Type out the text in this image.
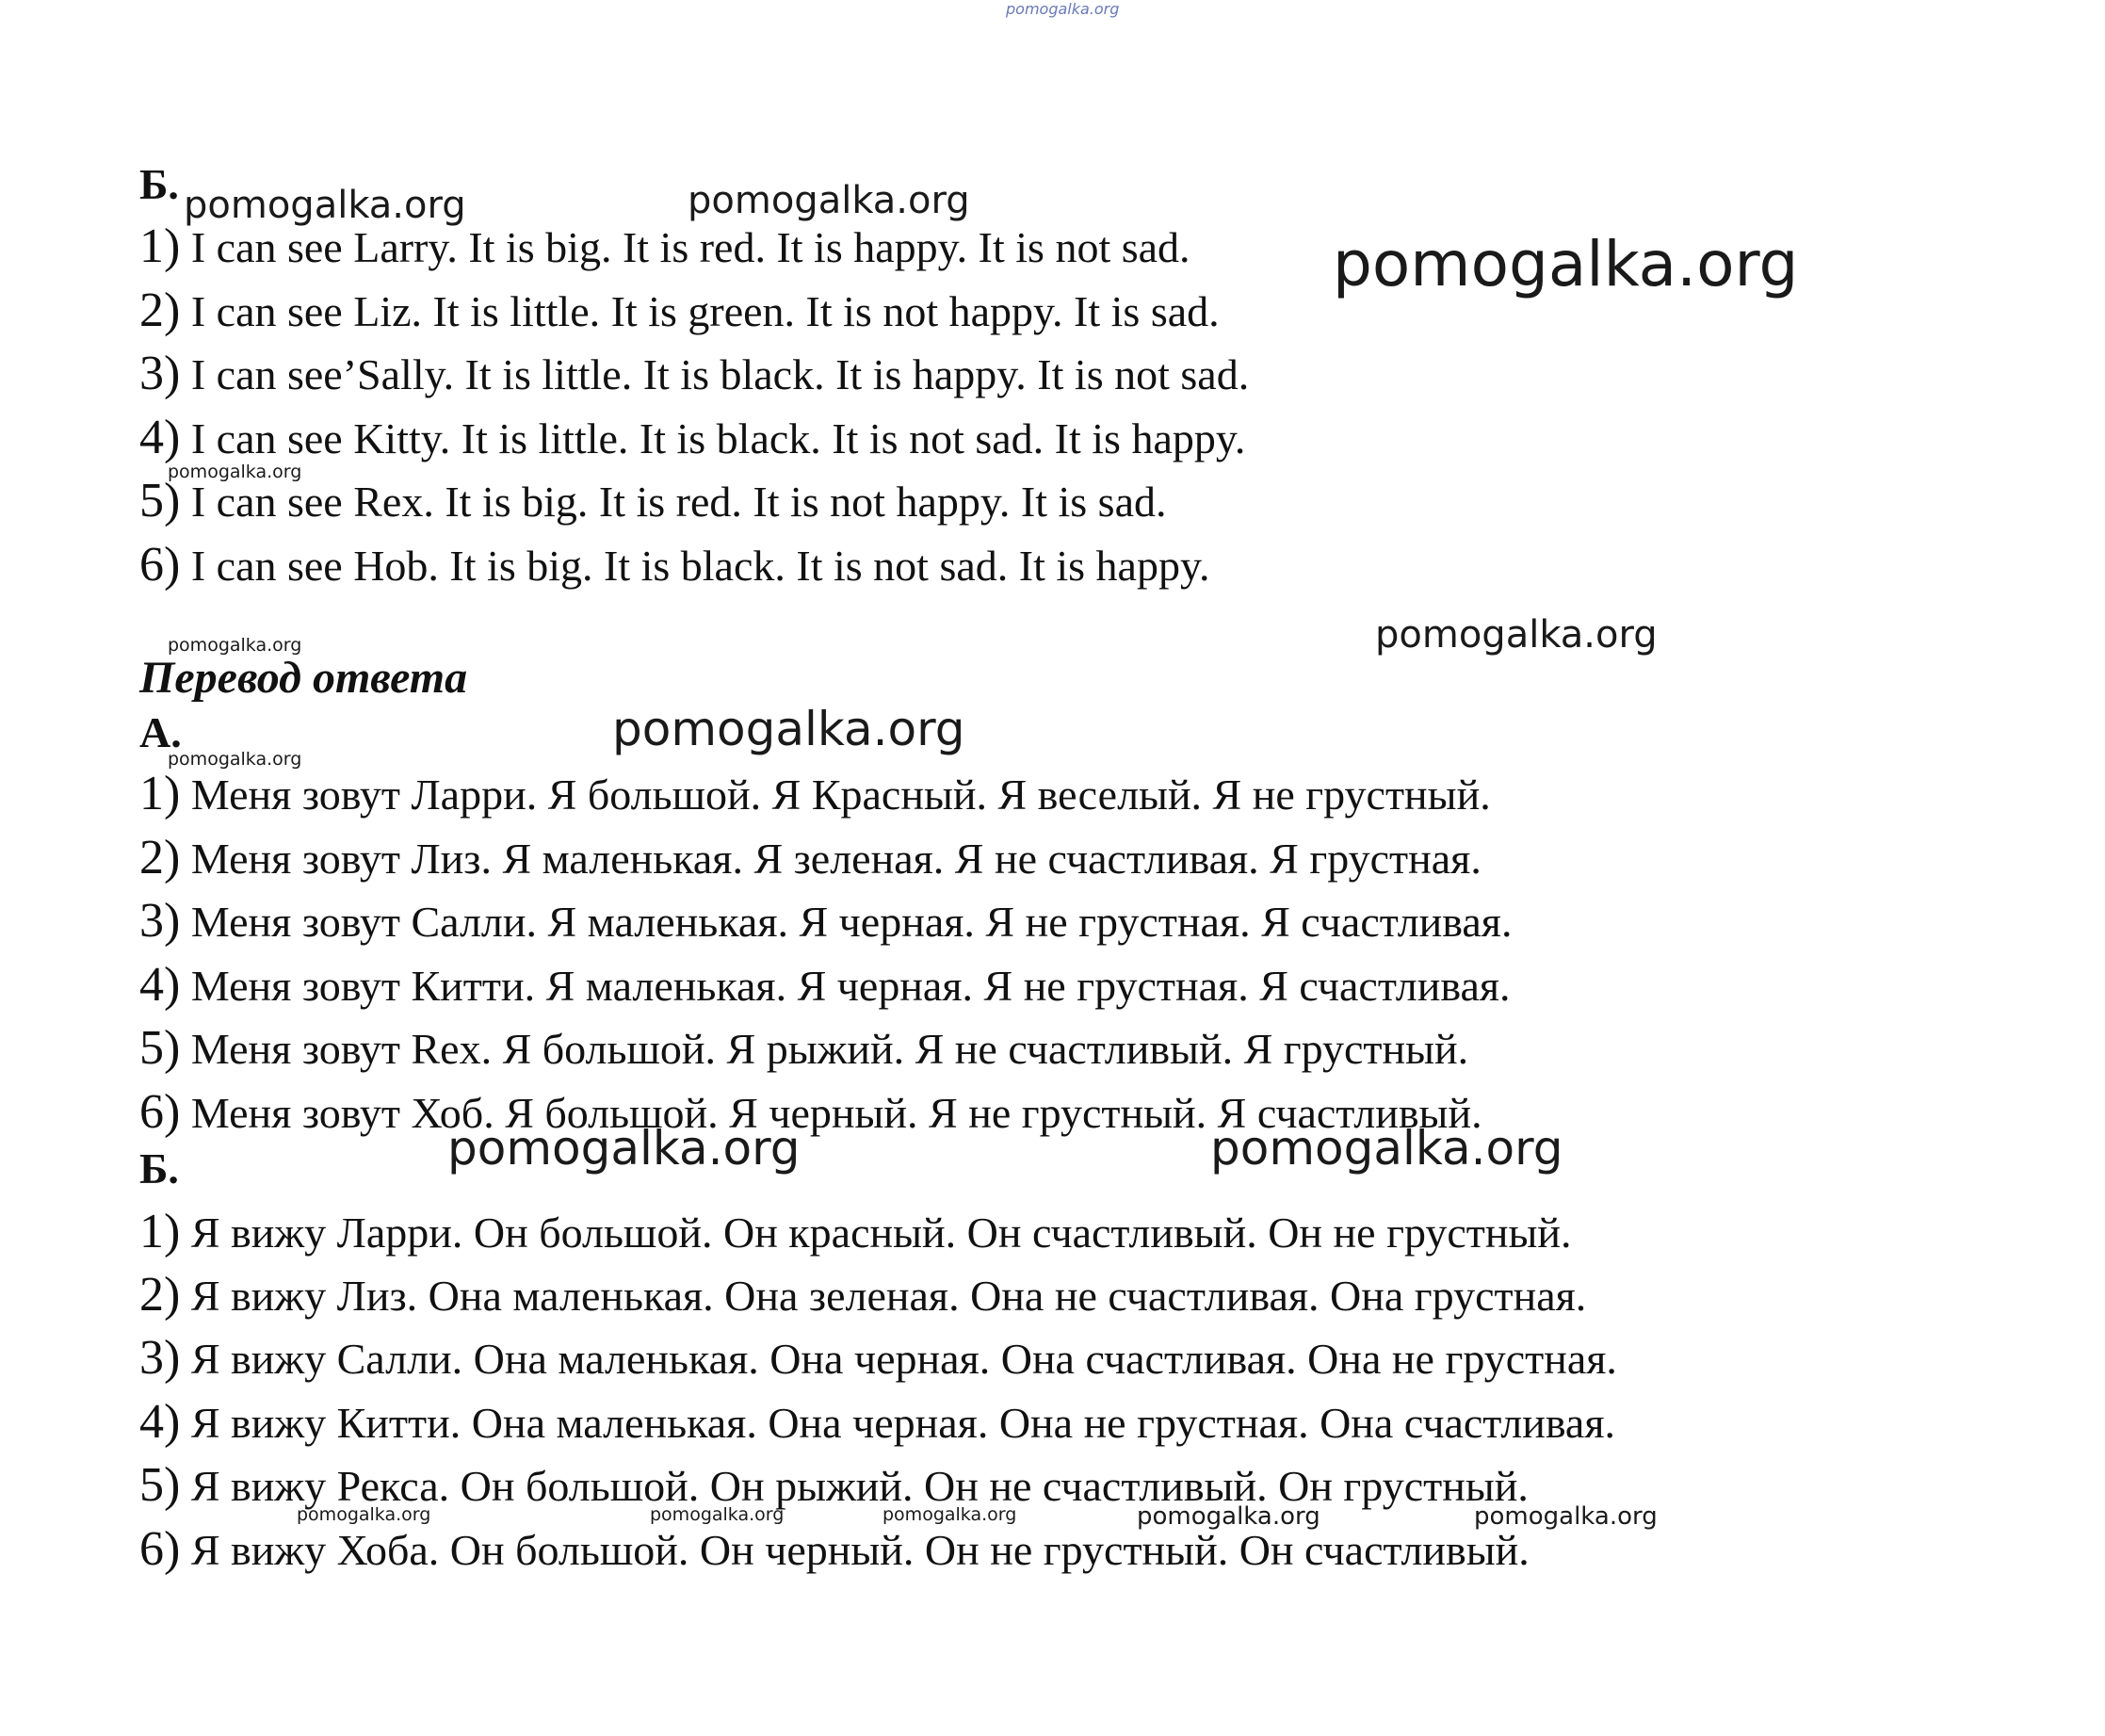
pomogalka.org
Б.
1) I can see Larry. It is big. It is red. It is happy. It is not sad.
2) I can see Liz. It is little. It is green. It is not happy. It is sad.
3) I can see’Sally. It is little. It is black. It is happy. It is not sad.
4) I can see Kitty. It is little. It is black. It is not sad. It is happy.
5) I can see Rex. It is big. It is red. It is not happy. It is sad.
6) I can see Hob. It is big. It is black. It is not sad. It is happy.
Перевод ответа
А.
1) Меня зовут Ларри. Я большой. Я Красный. Я веселый. Я не грустный.
2) Меня зовут Лиз. Я маленькая. Я зеленая. Я не счастливая. Я грустная.
3) Меня зовут Салли. Я маленькая. Я черная. Я не грустная. Я счастливая.
4) Меня зовут Китти. Я маленькая. Я черная. Я не грустная. Я счастливая.
5) Меня зовут Rex. Я большой. Я рыжий. Я не счастливый. Я грустный.
6) Меня зовут Хоб. Я большой. Я черный. Я не грустный. Я счастливый.
Б.
1) Я вижу Ларри. Он большой. Он красный. Он счастливый. Он не грустный.
2) Я вижу Лиз. Она маленькая. Она зеленая. Она не счастливая. Она грустная.
3) Я вижу Салли. Она маленькая. Она черная. Она счастливая. Она не грустная.
4) Я вижу Китти. Она маленькая. Она черная. Она не грустная. Она счастливая.
5) Я вижу Рекса. Он большой. Он рыжий. Он не счастливый. Он грустный.
6) Я вижу Хоба. Он большой. Он черный. Он не грустный. Он счастливый.
pomogalka.org	pomogalka.org
pomogalka.org
pomogalka.org
pomogalka.org	pomogalka.org
pomogalka.org
pomogalka.org
pomogalka.org	pomogalka.org
pomogalka.org	pomogalka.org	pomogalka.org	pomogalka.org	pomogalka.org
